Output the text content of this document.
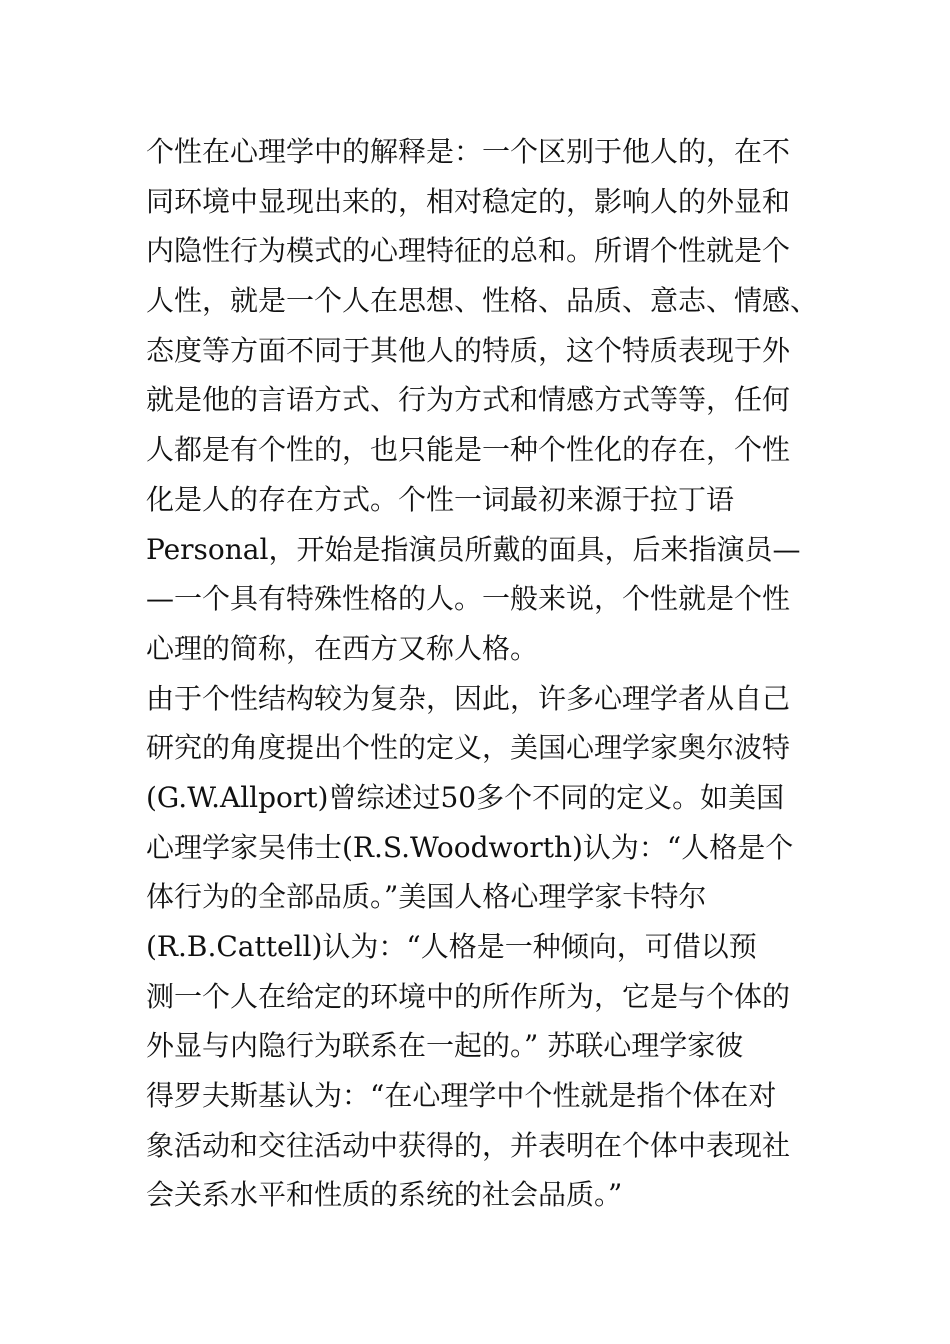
个性在心理学中的解释是：一个区别于他人的，在不
同环境中显现出来的，相对稳定的，影响人的外显和
内隐性行为模式的心理特征的总和。所谓个性就是个
人性，就是一个人在思想、性格、品质、意志、情感、
态度等方面不同于其他人的特质，这个特质表现于外
就是他的言语方式、行为方式和情感方式等等，任何
人都是有个性的，也只能是一种个性化的存在，个性
化是人的存在方式。个性一词最初来源于拉丁语
Personal，开始是指演员所戴的面具，后来指演员—
—一个具有特殊性格的人。一般来说，个性就是个性
心理的简称，在西方又称人格。
由于个性结构较为复杂，因此，许多心理学者从自己
研究的角度提出个性的定义，美国心理学家奥尔波特
(G.W.Allport)曾综述过50多个不同的定义。如美国
心理学家吴伟士(R.S.Woodworth)认为：“人格是个
体行为的全部品质。”美国人格心理学家卡特尔
(R.B.Cattell)认为：“人格是一种倾向，可借以预
测一个人在给定的环境中的所作所为，它是与个体的
外显与内隐行为联系在一起的。” 苏联心理学家彼
得罗夫斯基认为：“在心理学中个性就是指个体在对
象活动和交往活动中获得的，并表明在个体中表现社
会关系水平和性质的系统的社会品质。”
